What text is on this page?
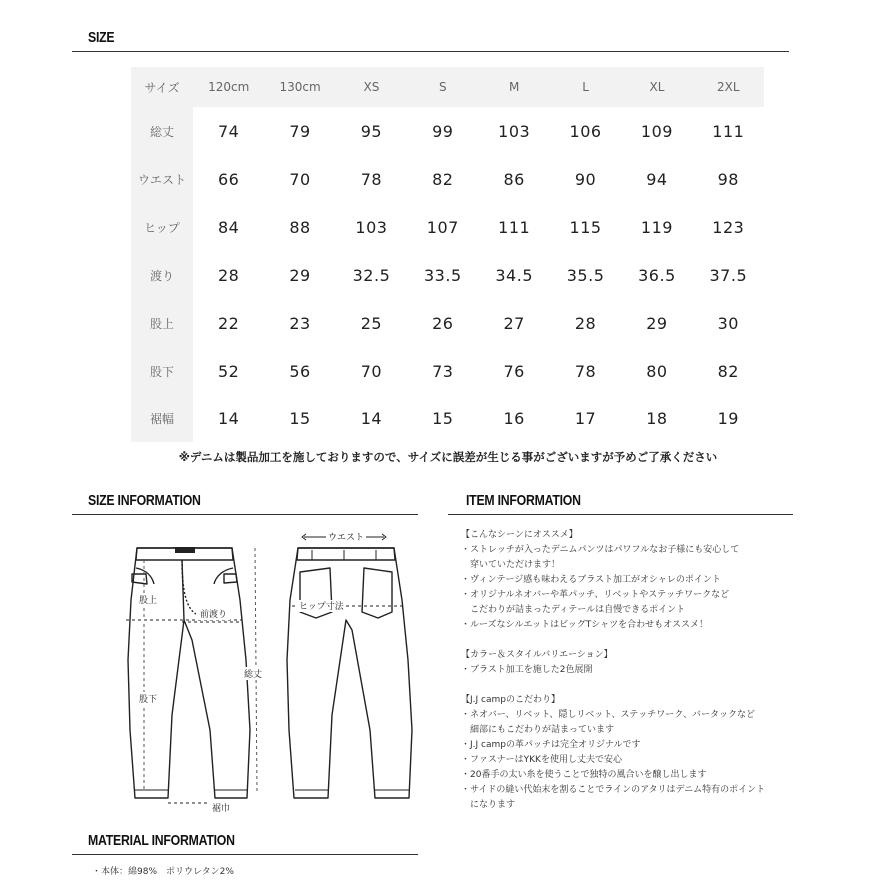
SIZE
サイズ	120cm	130cm	XS	S	M	L	XL	2XL
総丈	74	79	95	99	103	106	109	111
ウエスト	66	70	78	82	86	90	94	98
ヒップ	84	88	103	107	111	115	119	123
渡り	28	29	32.5	33.5	34.5	35.5	36.5	37.5
股上	22	23	25	26	27	28	29	30
股下	52	56	70	73	76	78	80	82
裾幅	14	15	14	15	16	17	18	19
※デニムは製品加工を施しておりますので、サイズに誤差が生じる事がございますが予めご了承ください
SIZE INFORMATION
股上
前渡り
総丈
股下
裾巾
ウエスト
ヒップ寸法
ITEM INFORMATION
【こんなシーンにオススメ】
・ストレッチが入ったデニムパンツはパワフルなお子様にも安心して
　穿いていただけます！
・ヴィンテージ感も味わえるブラスト加工がオシャレのポイント
・オリジナルネオバーや革パッチ、リベットやステッチワークなど
　こだわりが詰まったディテールは自慢できるポイント
・ルーズなシルエットはビッグTシャツを合わせもオススメ！

【カラー＆スタイルバリエーション】
・ブラスト加工を施した2色展開

【J.J campのこだわり】
・ネオバー、リベット、隠しリベット、ステッチワーク、バータックなど
　細部にもこだわりが詰まっています
・J.J campの革パッチは完全オリジナルです
・ファスナーはYKKを使用し丈夫で安心
・20番手の太い糸を使うことで独特の風合いを醸し出します
・サイドの縫い代始末を割ることでラインのアタリはデニム特有のポイント
　になります
MATERIAL INFORMATION
・本体：綿98%　ポリウレタン2%
